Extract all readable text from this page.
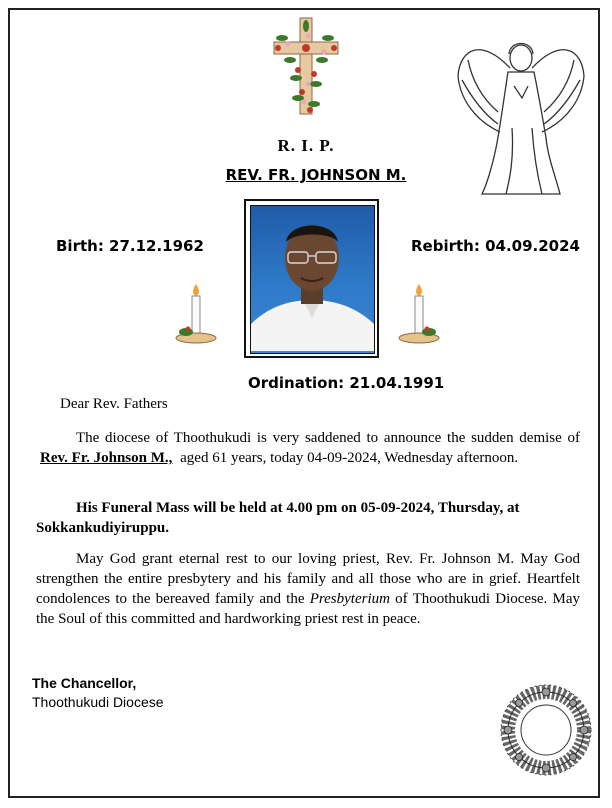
R. I. P.
REV. FR. JOHNSON M.
Birth: 27.12.1962	Rebirth: 04.09.2024
Ordination: 21.04.1991
Dear Rev. Fathers
The diocese of Thoothukudi is very saddened to announce the sudden demise of Rev. Fr. Johnson M., aged 61 years, today 04-09-2024, Wednesday afternoon.
His Funeral Mass will be held at 4.00 pm on 05-09-2024, Thursday, at Sokkankudiyiruppu.
May God grant eternal rest to our loving priest, Rev. Fr. Johnson M. May God strengthen the entire presbytery and his family and all those who are in grief. Heartfelt condolences to the bereaved family and the Presbyterium of Thoothukudi Diocese. May the Soul of this committed and hardworking priest rest in peace.
The Chancellor,
Thoothukudi Diocese
